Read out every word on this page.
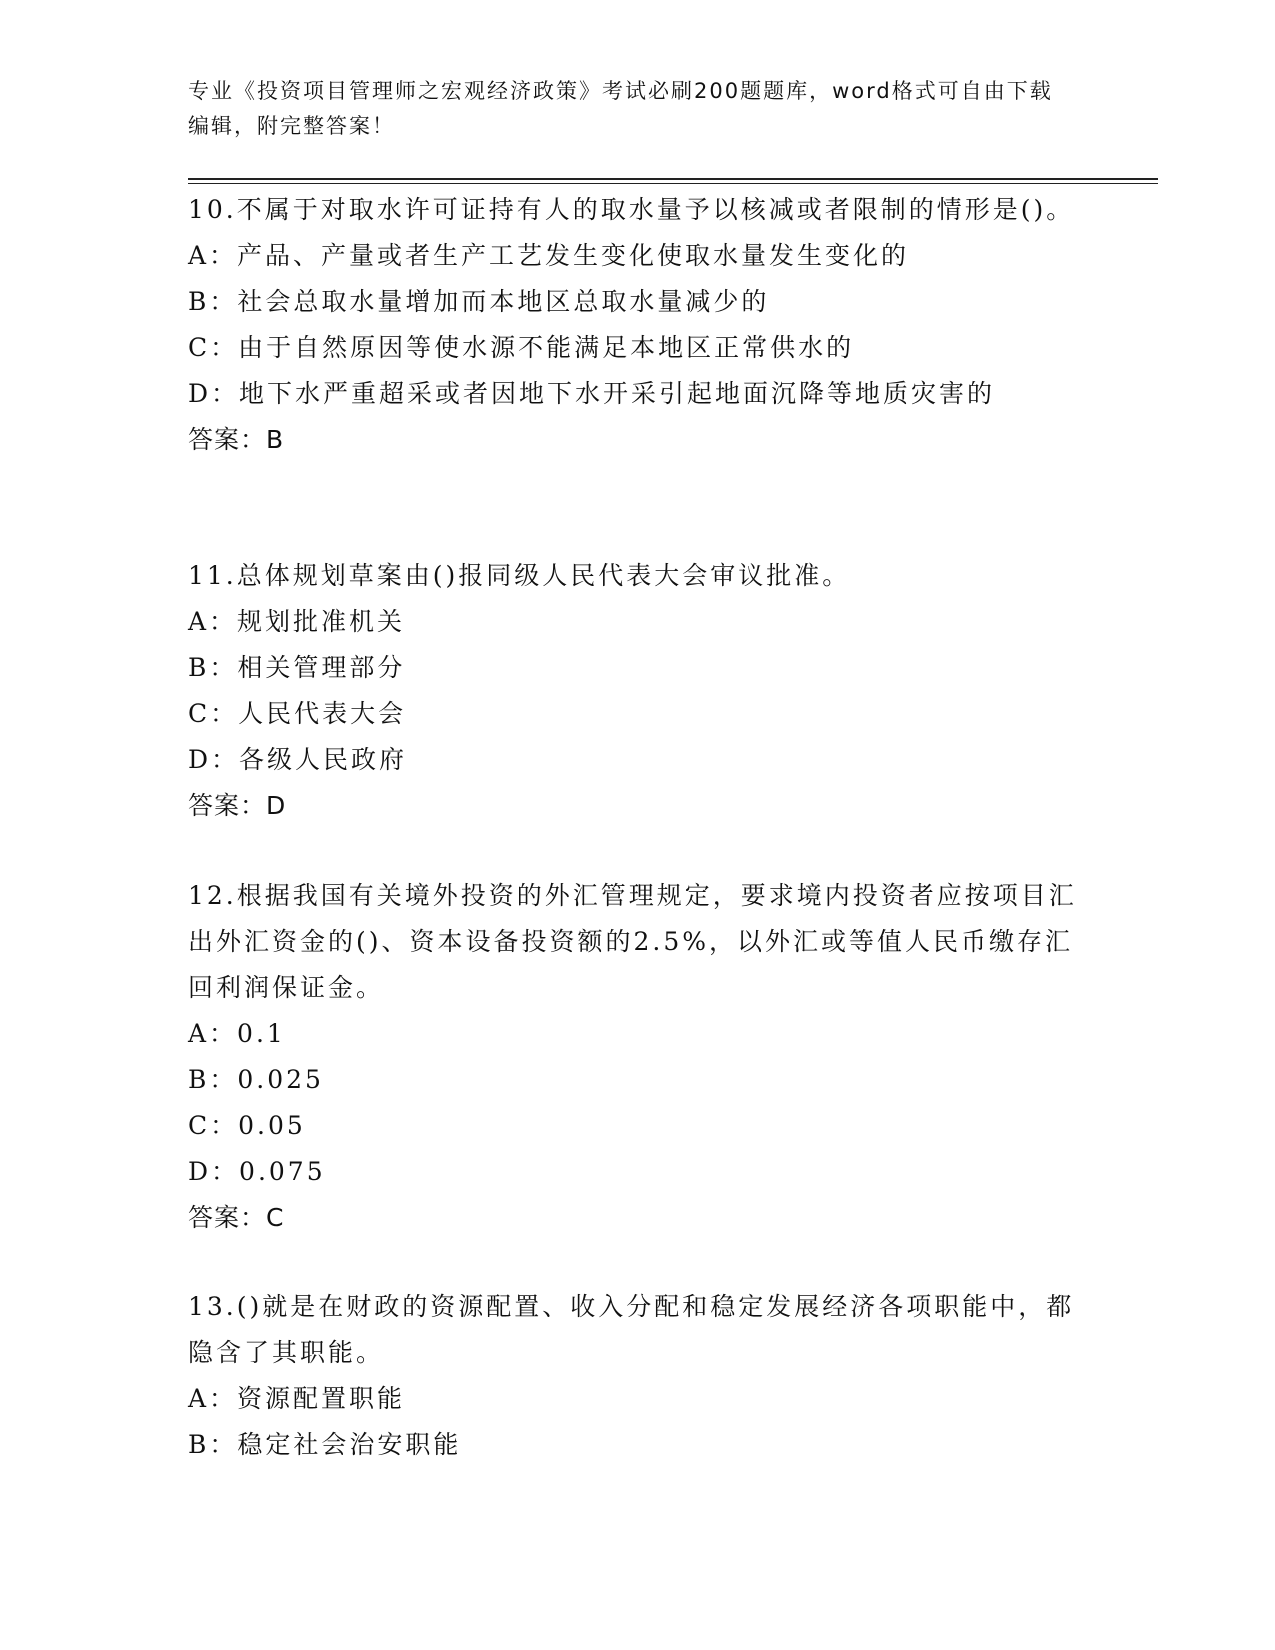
专业《投资项目管理师之宏观经济政策》考试必刷200题题库，word格式可自由下载编辑，附完整答案！

10.不属于对取水许可证持有人的取水量予以核减或者限制的情形是()。

A：产品、产量或者生产工艺发生变化使取水量发生变化的
B：社会总取水量增加而本地区总取水量减少的
C：由于自然原因等使水源不能满足本地区正常供水的
D：地下水严重超采或者因地下水开采引起地面沉降等地质灾害的
答案：B

11.总体规划草案由()报同级人民代表大会审议批准。

A：规划批准机关
B：相关管理部分
C：人民代表大会
D：各级人民政府
答案：D

12.根据我国有关境外投资的外汇管理规定，要求境内投资者应按项目汇出外汇资金的()、资本设备投资额的2.5%，以外汇或等值人民币缴存汇回利润保证金。

A：0.1
B：0.025
C：0.05
D：0.075
答案：C

13.()就是在财政的资源配置、收入分配和稳定发展经济各项职能中，都隐含了其职能。

A：资源配置职能
B：稳定社会治安职能
